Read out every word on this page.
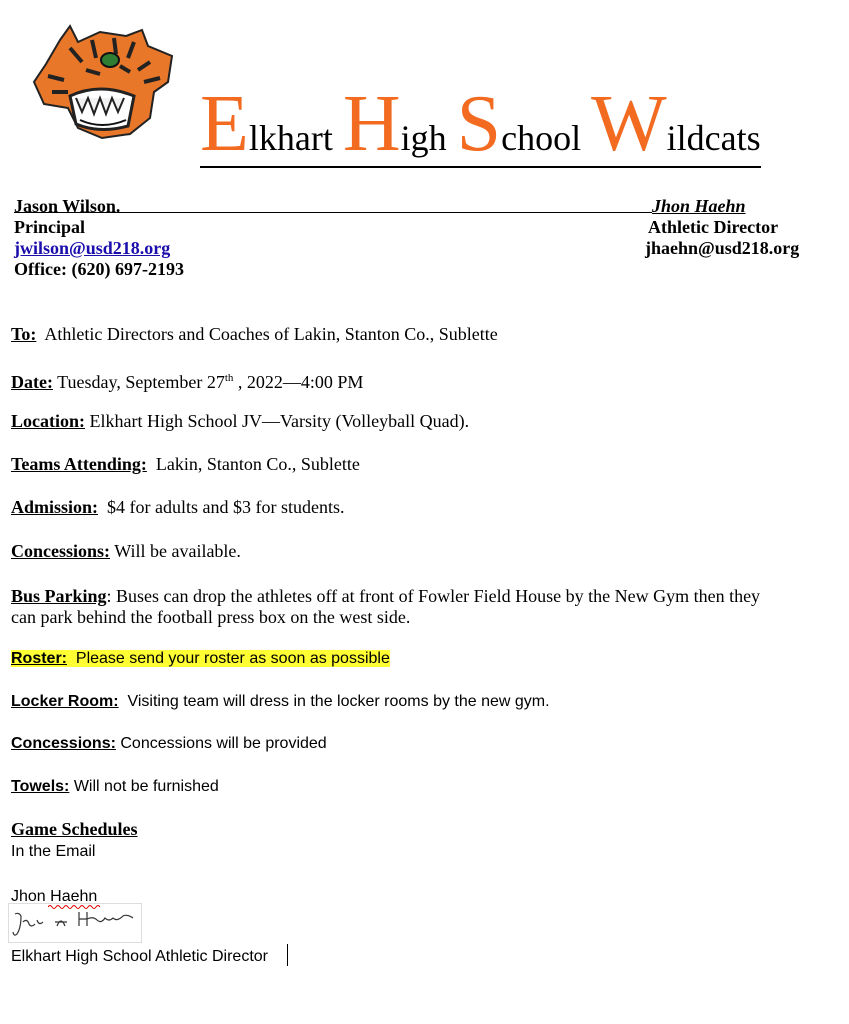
Elkhart High School Wildcats
Jason Wilson.
Principal
jwilson@usd218.org
Office: (620) 697-2193
Jhon Haehn
Athletic Director
jhaehn@usd218.org
To: Athletic Directors and Coaches of Lakin, Stanton Co., Sublette
Date: Tuesday, September 27th , 2022—4:00 PM
Location: Elkhart High School JV—Varsity (Volleyball Quad).
Teams Attending: Lakin, Stanton Co., Sublette
Admission: $4 for adults and $3 for students.
Concessions: Will be available.
Bus Parking: Buses can drop the athletes off at front of Fowler Field House by the New Gym then they
can park behind the football press box on the west side.
Roster: Please send your roster as soon as possible
Locker Room: Visiting team will dress in the locker rooms by the new gym.
Concessions: Concessions will be provided
Towels: Will not be furnished
Game Schedules
In the Email
Jhon Haehn
Elkhart High School Athletic Director
